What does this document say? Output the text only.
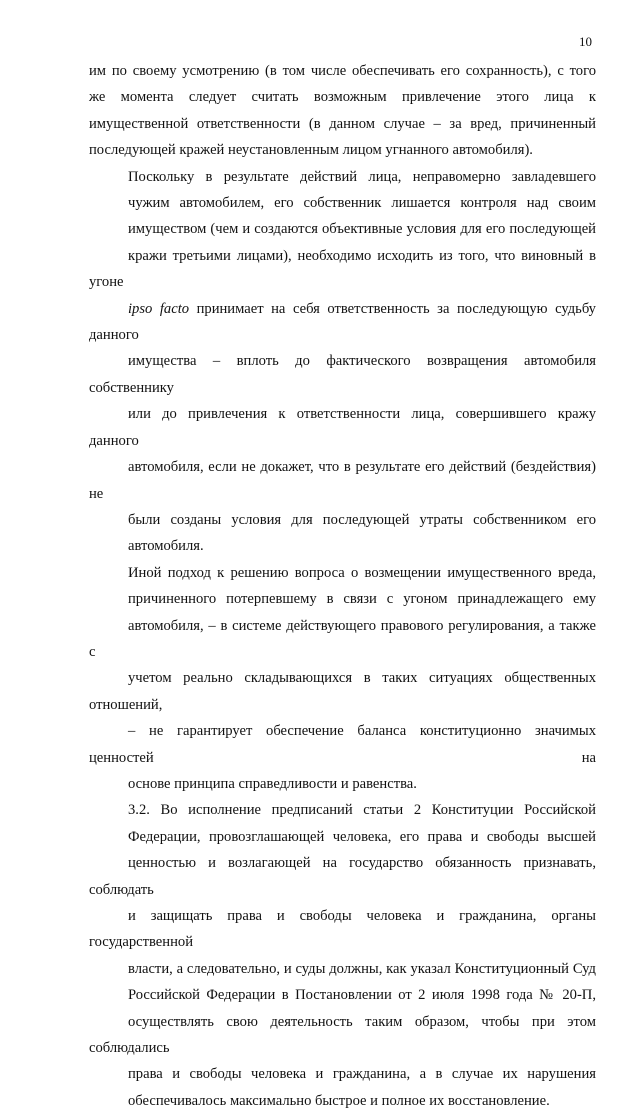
10

им по своему усмотрению (в том числе обеспечивать его сохранность), с того
же момента следует считать возможным привлечение этого лица к
имущественной ответственности (в данном случае – за вред, причиненный
последующей кражей неустановленным лицом угнанного автомобиля).

Поскольку в результате действий лица, неправомерно завладевшего
чужим автомобилем, его собственник лишается контроля над своим
имуществом (чем и создаются объективные условия для его последующей
кражи третьими лицами), необходимо исходить из того, что виновный в угоне
ipso facto принимает на себя ответственность за последующую судьбу данного
имущества – вплоть до фактического возвращения автомобиля собственнику
или до привлечения к ответственности лица, совершившего кражу данного
автомобиля, если не докажет, что в результате его действий (бездействия) не
были созданы условия для последующей утраты собственником его
автомобиля.

Иной подход к решению вопроса о возмещении имущественного вреда,
причиненного потерпевшему в связи с угоном принадлежащего ему
автомобиля, – в системе действующего правового регулирования, а также с
учетом реально складывающихся в таких ситуациях общественных отношений,
– не гарантирует обеспечение баланса конституционно значимых ценностей на
основе принципа справедливости и равенства.

3.2. Во исполнение предписаний статьи 2 Конституции Российской
Федерации, провозглашающей человека, его права и свободы высшей
ценностью и возлагающей на государство обязанность признавать, соблюдать
и защищать права и свободы человека и гражданина, органы государственной
власти, а следовательно, и суды должны, как указал Конституционный Суд
Российской Федерации в Постановлении от 2 июля 1998 года № 20-П,
осуществлять свою деятельность таким образом, чтобы при этом соблюдались
права и свободы человека и гражданина, а в случае их нарушения
обеспечивалось максимально быстрое и полное их восстановление.
